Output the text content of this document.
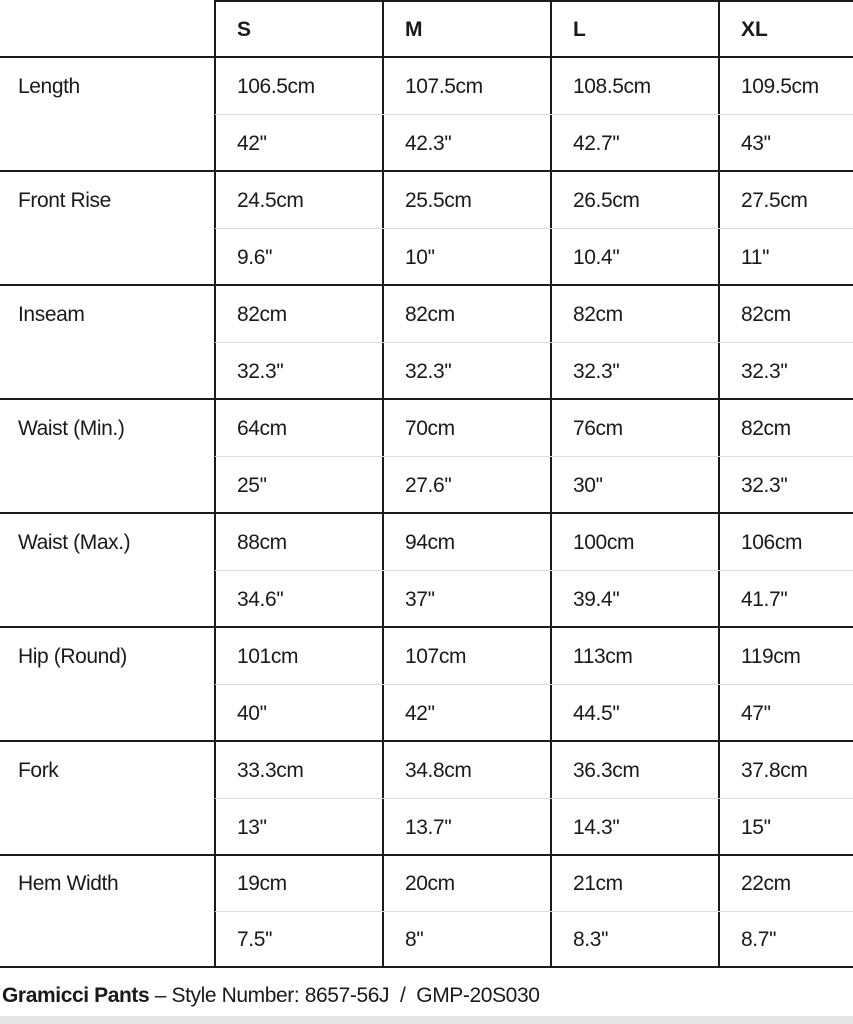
S	M	L	XL
Length	106.5cm	107.5cm	108.5cm	109.5cm
42''	42.3''	42.7''	43''
Front Rise	24.5cm	25.5cm	26.5cm	27.5cm
9.6''	10''	10.4''	11''
Inseam	82cm	82cm	82cm	82cm
32.3''	32.3''	32.3''	32.3''
Waist (Min.)	64cm	70cm	76cm	82cm
25''	27.6''	30''	32.3''
Waist (Max.)	88cm	94cm	100cm	106cm
34.6''	37''	39.4''	41.7''
Hip (Round)	101cm	107cm	113cm	119cm
40''	42''	44.5''	47''
Fork	33.3cm	34.8cm	36.3cm	37.8cm
13''	13.7''	14.3''	15''
Hem Width	19cm	20cm	21cm	22cm
7.5''	8''	8.3''	8.7''
Gramicci Pants – Style Number: 8657-56J  /  GMP-20S030
